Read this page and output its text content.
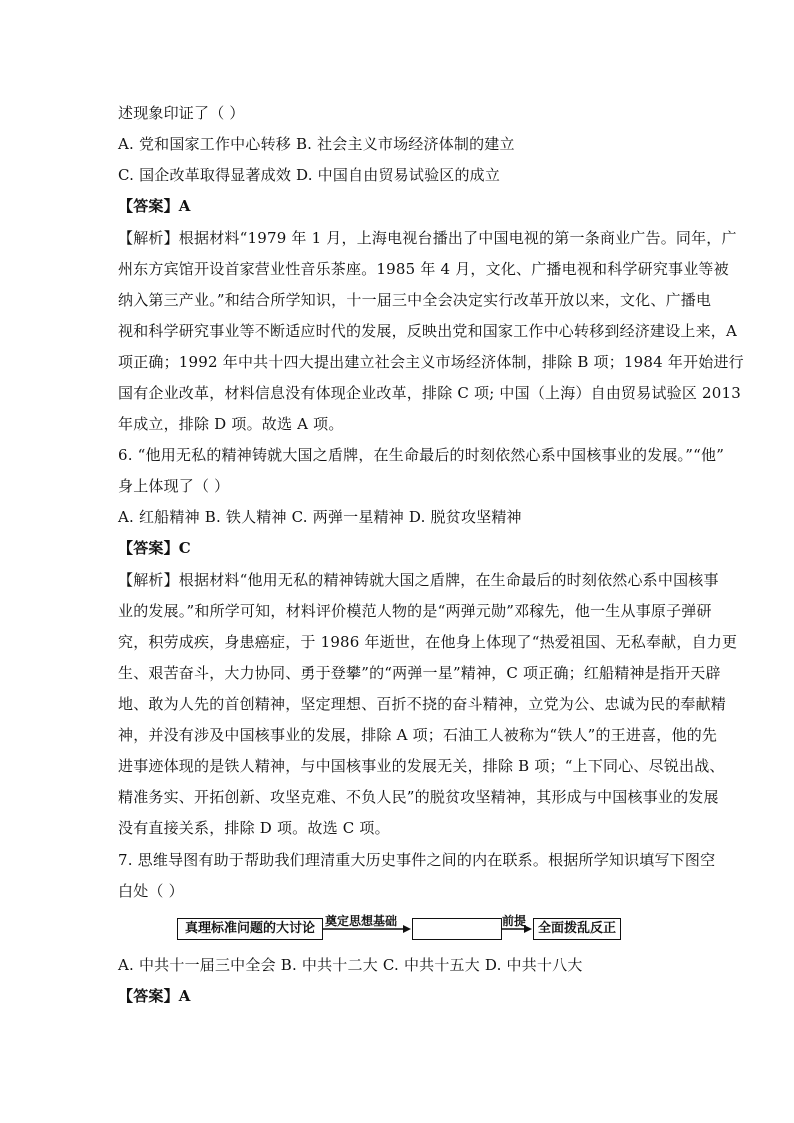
述现象印证了（ ）
A. 党和国家工作中心转移 B. 社会主义市场经济体制的建立
C. 国企改革取得显著成效 D. 中国自由贸易试验区的成立
【答案】A
【解析】根据材料“1979 年 1 月，上海电视台播出了中国电视的第一条商业广告。同年，广
州东方宾馆开设首家营业性音乐茶座。1985 年 4 月，文化、广播电视和科学研究事业等被
纳入第三产业。”和结合所学知识，十一届三中全会决定实行改革开放以来，文化、广播电
视和科学研究事业等不断适应时代的发展，反映出党和国家工作中心转移到经济建设上来，A
项正确；1992 年中共十四大提出建立社会主义市场经济体制，排除 B 项；1984 年开始进行
国有企业改革，材料信息没有体现企业改革，排除 C 项; 中国（上海）自由贸易试验区 2013
年成立，排除 D 项。故选 A 项。
6. “他用无私的精神铸就大国之盾牌，在生命最后的时刻依然心系中国核事业的发展。”“他”
身上体现了（ ）
A. 红船精神 B. 铁人精神 C. 两弹一星精神 D. 脱贫攻坚精神
【答案】C
【解析】根据材料“他用无私的精神铸就大国之盾牌，在生命最后的时刻依然心系中国核事
业的发展。”和所学可知，材料评价模范人物的是“两弹元勋”邓稼先，他一生从事原子弹研
究，积劳成疾，身患癌症，于 1986 年逝世，在他身上体现了“热爱祖国、无私奉献，自力更
生、艰苦奋斗，大力协同、勇于登攀”的“两弹一星”精神，C 项正确；红船精神是指开天辟
地、敢为人先的首创精神，坚定理想、百折不挠的奋斗精神，立党为公、忠诚为民的奉献精
神，并没有涉及中国核事业的发展，排除 A 项；石油工人被称为“铁人”的王进喜，他的先
进事迹体现的是铁人精神，与中国核事业的发展无关，排除 B 项；“上下同心、尽锐出战、
精准务实、开拓创新、攻坚克难、不负人民”的脱贫攻坚精神，其形成与中国核事业的发展
没有直接关系，排除 D 项。故选 C 项。
7. 思维导图有助于帮助我们理清重大历史事件之间的内在联系。根据所学知识填写下图空
白处（ ）
真理标准问题的大讨论 奠定思想基础	前提 全面拨乱反正
A. 中共十一届三中全会 B. 中共十二大 C. 中共十五大 D. 中共十八大
【答案】A
